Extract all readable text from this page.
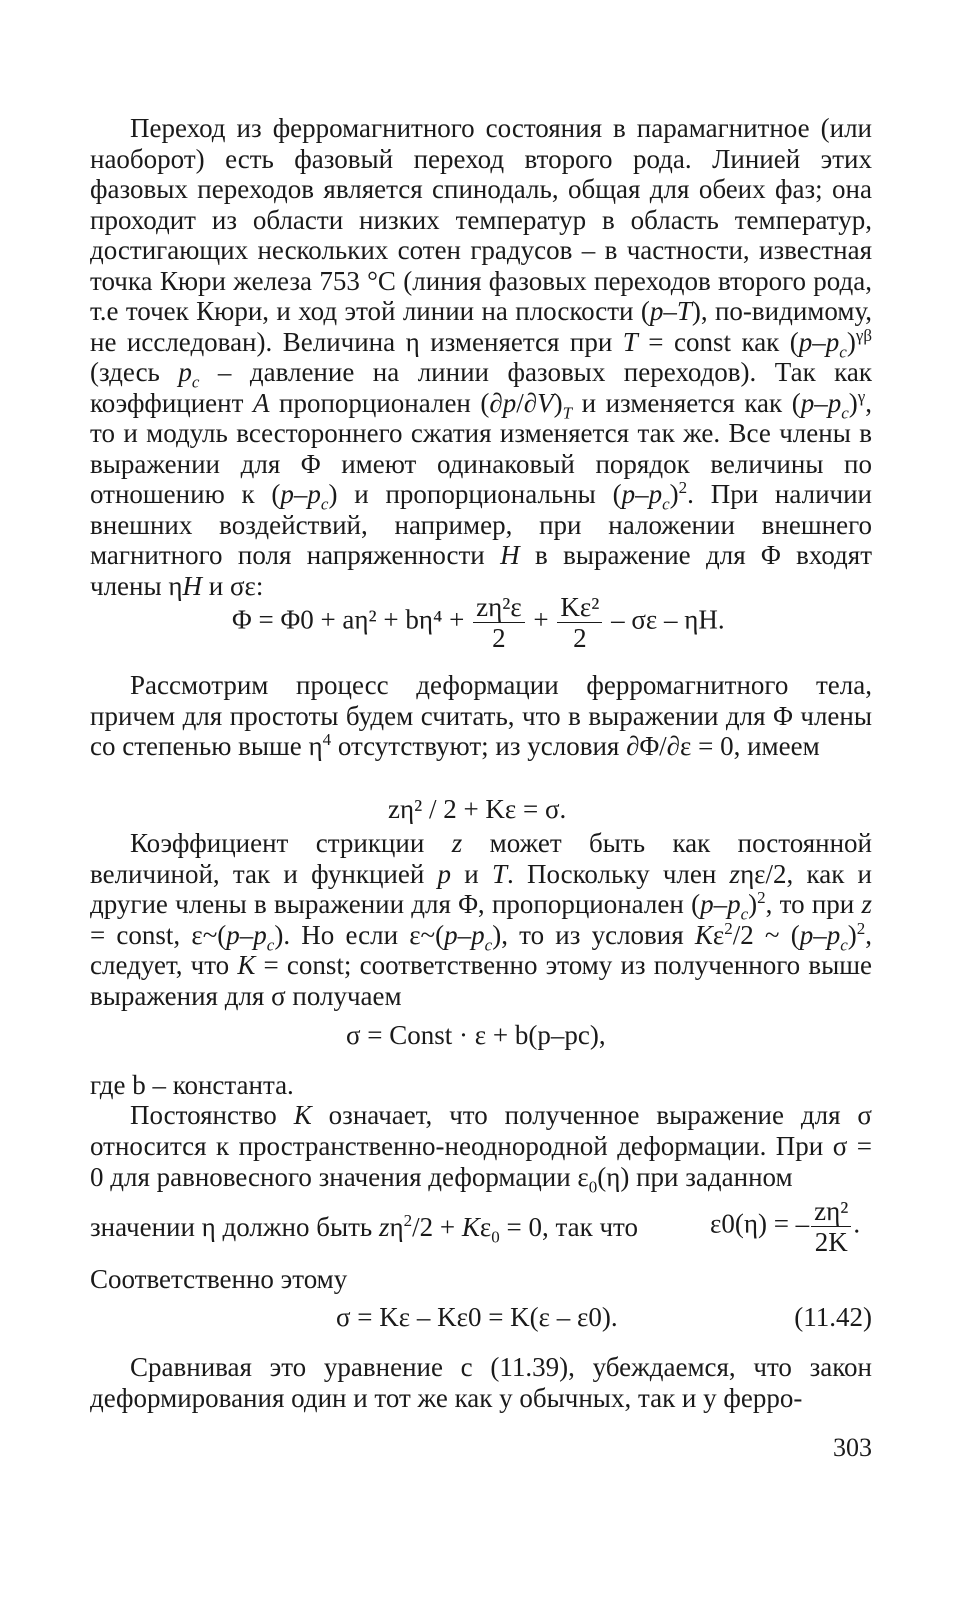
Переход из ферромагнитного состояния в парамагнитное (или наоборот) есть фазовый переход второго рода. Линией этих фазовых переходов является спинодаль, общая для обеих фаз; она проходит из области низких температур в область температур, достигающих нескольких сотен градусов – в частности, известная точка Кюри железа 753 °С (линия фазовых переходов второго рода, т.е точек Кюри, и ход этой линии на плоскости (p–T), по-видимому, не исследован). Величина η изменяется при T = const как $(p-p_c)^{\gamma\beta}$ (здесь $p_c$ – давление на линии фазовых переходов). Так как коэффициент A пропорционален $(\partial p/\partial V)_T$ и изменяется как $(p-p_c)^\gamma$, то и модуль всестороннего сжатия изменяется так же. Все члены в выражении для Φ имеют одинаковый порядок величины по отношению к $(p-p_c)$ и пропорциональны $(p-p_c)^2$. При наличии внешних воздействий, например, при наложении внешнего магнитного поля напряженности H в выражение для Φ входят члены ηH и σε:
$\Phi = \Phi 0 + a\eta^2 + b\eta^4 + \frac{\text{zη²ε}}{2} + \frac{\text{Kε²}}{2} - \sigma\varepsilon - \eta H$.
Рассмотрим процесс деформации ферромагнитного тела, причем для простоты будем считать, что в выражении для Φ члены со степенью выше $\eta^4$ отсутствуют; из условия ∂Φ/∂ε = 0, имеем
zη² / 2 + Kε = σ.
Коэффициент стрикции z может быть как постоянной величиной, так и функцией p и T. Поскольку член zηε/2, как и другие члены в выражении для Φ, пропорционален $(p-p_c)^2$, то при z = const, $\varepsilon\sim(p-p_c)$. Но если $\varepsilon\sim(p-p_c)$, то из условия $K\varepsilon^2/2$ ~ $(p-p_c)^2$, следует, что K = const; соответственно этому из полученного выше выражения для σ получаем
σ = Const · ε + b(p–pc),
где b – константа.
Постоянство K означает, что полученное выражение для σ относится к пространственно-неоднородной деформации. При σ = 0 для равновесного значения деформации $\varepsilon_0(\eta)$ при заданном
значении η должно быть $z\eta^2/2 + K\varepsilon_0 = 0$, так что	ε0(η) = – $\frac{\text{zη²}}{2K}$ .
Соответственно этому
σ = Kε – Kε0 = K(ε – ε0).	(11.42)
Сравнивая это уравнение с (11.39), убеждаемся, что закон деформирования один и тот же как у обычных, так и у ферро-
303
